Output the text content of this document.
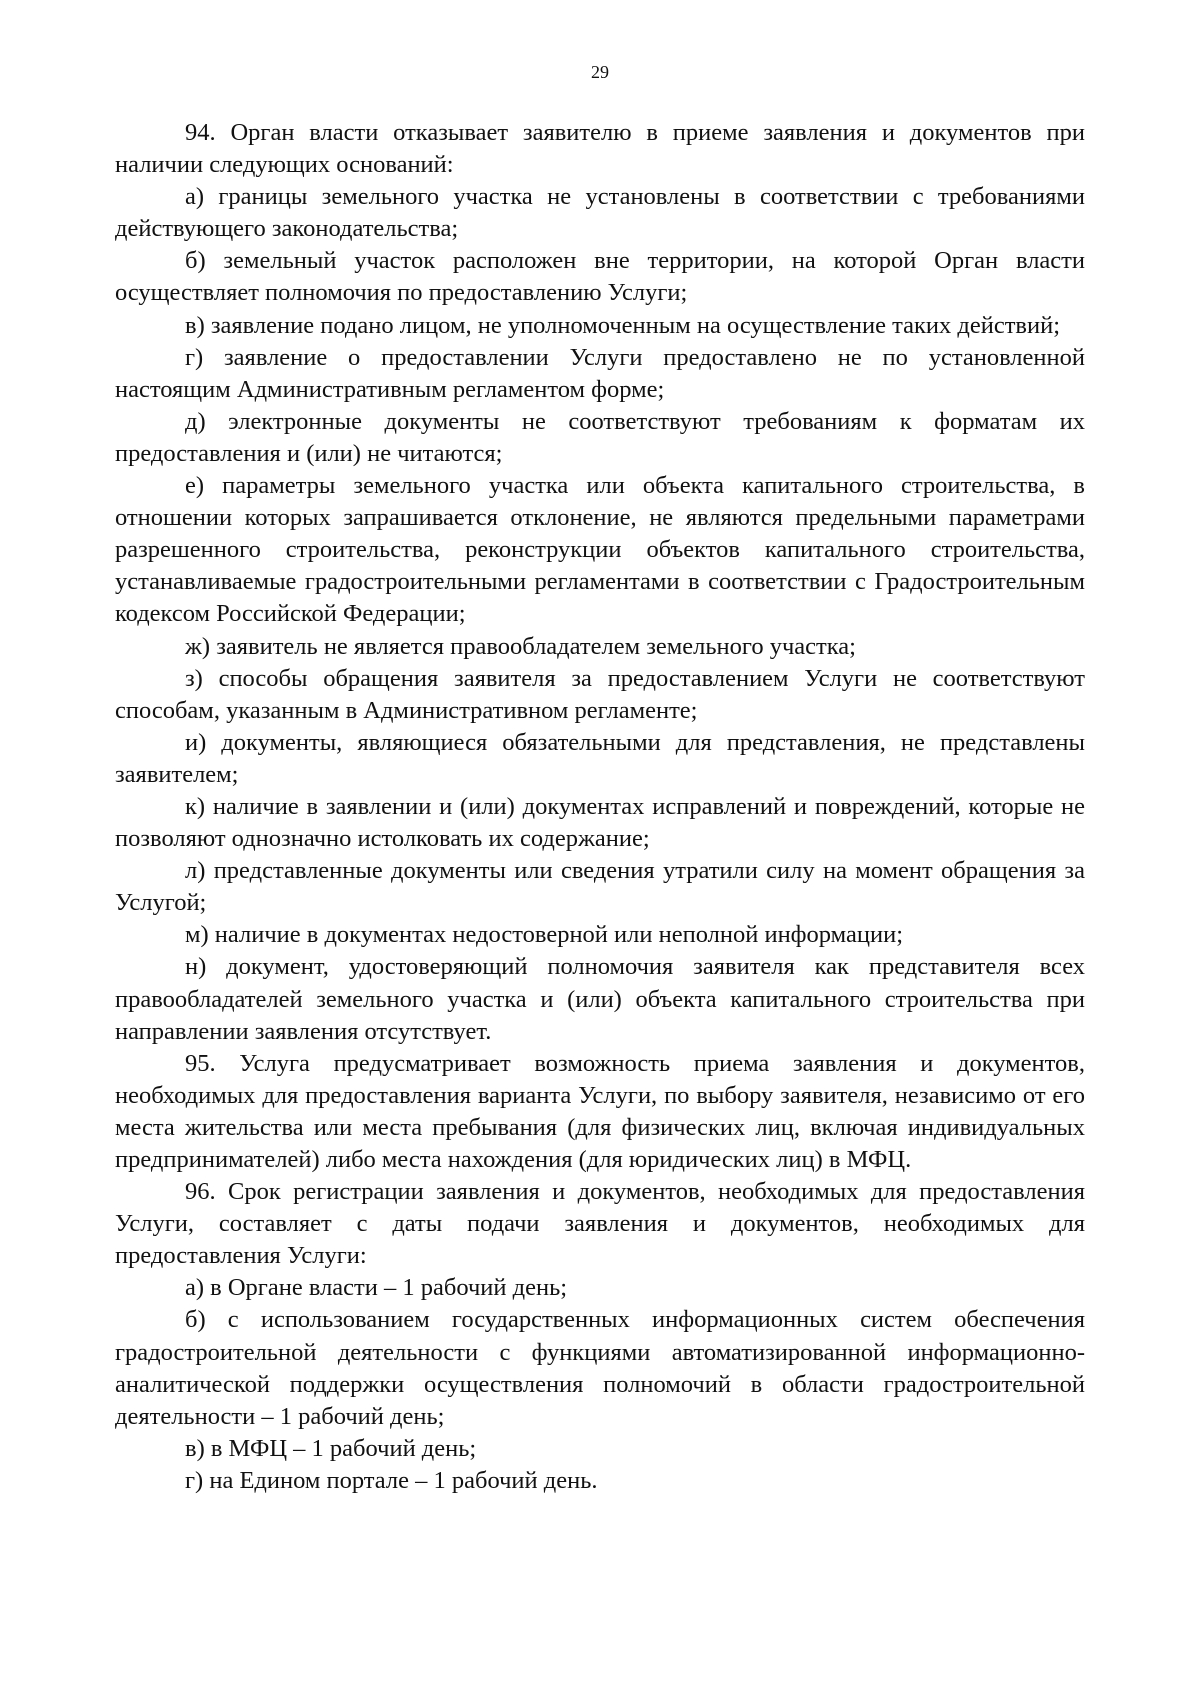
29

94. Орган власти отказывает заявителю в приеме заявления и документов при наличии следующих оснований:

а) границы земельного участка не установлены в соответствии с требованиями действующего законодательства;

б) земельный участок расположен вне территории, на которой Орган власти осуществляет полномочия по предоставлению Услуги;

в) заявление подано лицом, не уполномоченным на осуществление таких действий;

г) заявление о предоставлении Услуги предоставлено не по установленной настоящим Административным регламентом форме;

д) электронные документы не соответствуют требованиям к форматам их предоставления и (или) не читаются;

е) параметры земельного участка или объекта капитального строительства, в отношении которых запрашивается отклонение, не являются предельными параметрами разрешенного строительства, реконструкции объектов капитального строительства, устанавливаемые градостроительными регламентами в соответствии с Градостроительным кодексом Российской Федерации;

ж) заявитель не является правообладателем земельного участка;

з) способы обращения заявителя за предоставлением Услуги не соответствуют способам, указанным в Административном регламенте;

и) документы, являющиеся обязательными для представления, не представлены заявителем;

к) наличие в заявлении и (или) документах исправлений и повреждений, которые не позволяют однозначно истолковать их содержание;

л) представленные документы или сведения утратили силу на момент обращения за Услугой;

м) наличие в документах недостоверной или неполной информации;

н) документ, удостоверяющий полномочия заявителя как представителя всех правообладателей земельного участка и (или) объекта капитального строительства при направлении заявления отсутствует.

95. Услуга предусматривает возможность приема заявления и документов, необходимых для предоставления варианта Услуги, по выбору заявителя, независимо от его места жительства или места пребывания (для физических лиц, включая индивидуальных предпринимателей) либо места нахождения (для юридических лиц) в МФЦ.

96. Срок регистрации заявления и документов, необходимых для предоставления Услуги, составляет с даты подачи заявления и документов, необходимых для предоставления Услуги:

а) в Органе власти – 1 рабочий день;

б) с использованием государственных информационных систем обеспечения градостроительной деятельности с функциями автоматизированной информационно-аналитической поддержки осуществления полномочий в области градостроительной деятельности – 1 рабочий день;

в) в МФЦ – 1 рабочий день;

г) на Едином портале – 1 рабочий день.
